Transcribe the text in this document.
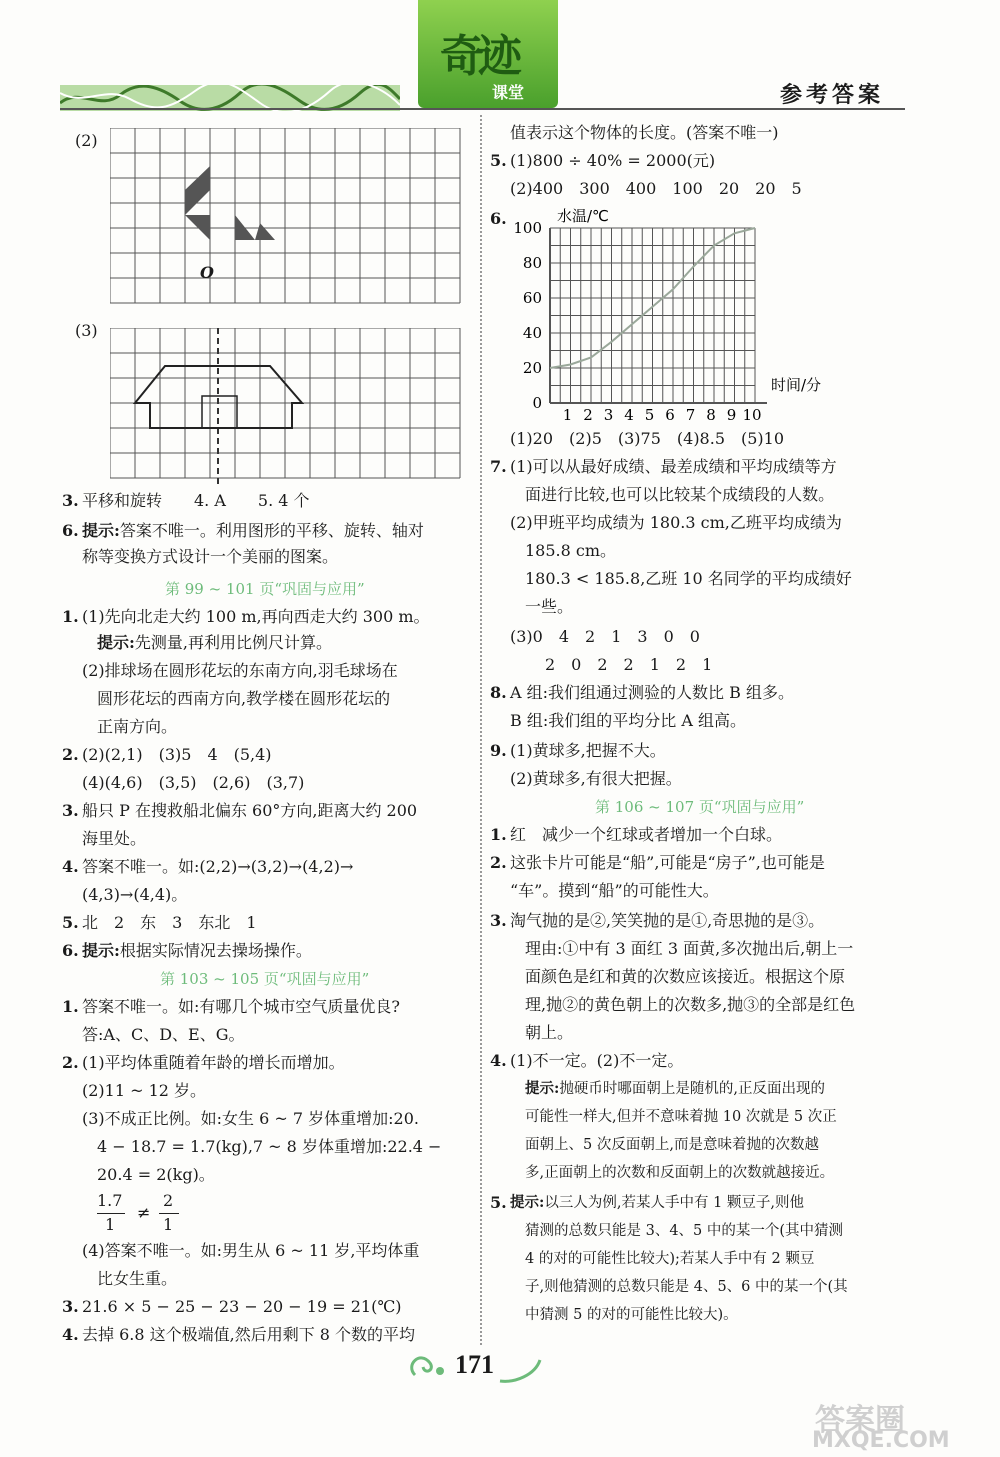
奇迹
课堂	参考答案
(2)
O
(3)
3. 平移和旋转　　4. A　　5. 4 个
6. 提示:答案不唯一。利用图形的平移、旋转、轴对
称等变换方式设计一个美丽的图案。
第 99 ~ 101 页“巩固与应用”
1. (1)先向北走大约 100 m,再向西走大约 300 m。
提示:先测量,再利用比例尺计算。
(2)排球场在圆形花坛的东南方向,羽毛球场在
圆形花坛的西南方向,教学楼在圆形花坛的
正南方向。
2. (2)(2,1)　(3)5　4　(5,4)
(4)(4,6)　(3,5)　(2,6)　(3,7)
3. 船只 P 在搜救船北偏东 60°方向,距离大约 200
海里处。
4. 答案不唯一。如:(2,2)→(3,2)→(4,2)→
(4,3)→(4,4)。
5. 北　2　东　3　东北　1
6. 提示:根据实际情况去操场操作。
第 103 ~ 105 页“巩固与应用”
1. 答案不唯一。如:有哪几个城市空气质量优良?
答:A、C、D、E、G。
2. (1)平均体重随着年龄的增长而增加。
(2)11 ~ 12 岁。
(3)不成正比例。如:女生 6 ~ 7 岁体重增加:20.
4 − 18.7 = 1.7(kg),7 ~ 8 岁体重增加:22.4 −
20.4 = 2(kg)。
1.7
1
≠
2
1
(4)答案不唯一。如:男生从 6 ~ 11 岁,平均体重
比女生重。
3. 21.6 × 5 − 25 − 23 − 20 − 19 = 21(℃)
4. 去掉 6.8 这个极端值,然后用剩下 8 个数的平均
值表示这个物体的长度。(答案不唯一)
5. (1)800 ÷ 40% = 2000(元)
(2)400　300　400　100　20　20　5
6.	水温/℃
时间/分
100
80
60
40
20
0
1 2 3 4 5 6 7 8 9 10
(1)20　(2)5　(3)75　(4)8.5　(5)10
7. (1)可以从最好成绩、最差成绩和平均成绩等方
面进行比较,也可以比较某个成绩段的人数。
(2)甲班平均成绩为 180.3 cm,乙班平均成绩为
185.8 cm。
180.3 < 185.8,乙班 10 名同学的平均成绩好
一些。
(3)0　4　2　1　3　0　0
2　0　2　2　1　2　1
8. A 组:我们组通过测验的人数比 B 组多。
B 组:我们组的平均分比 A 组高。
9. (1)黄球多,把握不大。
(2)黄球多,有很大把握。
第 106 ~ 107 页“巩固与应用”
1. 红　减少一个红球或者增加一个白球。
2. 这张卡片可能是“船”,可能是“房子”,也可能是
“车”。摸到“船”的可能性大。
3. 淘气抛的是②,笑笑抛的是①,奇思抛的是③。
理由:①中有 3 面红 3 面黄,多次抛出后,朝上一
面颜色是红和黄的次数应该接近。根据这个原
理,抛②的黄色朝上的次数多,抛③的全部是红色
朝上。
4. (1)不一定。(2)不一定。
提示:抛硬币时哪面朝上是随机的,正反面出现的
可能性一样大,但并不意味着抛 10 次就是 5 次正
面朝上、5 次反面朝上,而是意味着抛的次数越
多,正面朝上的次数和反面朝上的次数就越接近。
5. 提示:以三人为例,若某人手中有 1 颗豆子,则他
猜测的总数只能是 3、4、5 中的某一个(其中猜测
4 的对的可能性比较大);若某人手中有 2 颗豆
子,则他猜测的总数只能是 4、5、6 中的某一个(其
中猜测 5 的对的可能性比较大)。
171
答案圈
MXQE.COM
